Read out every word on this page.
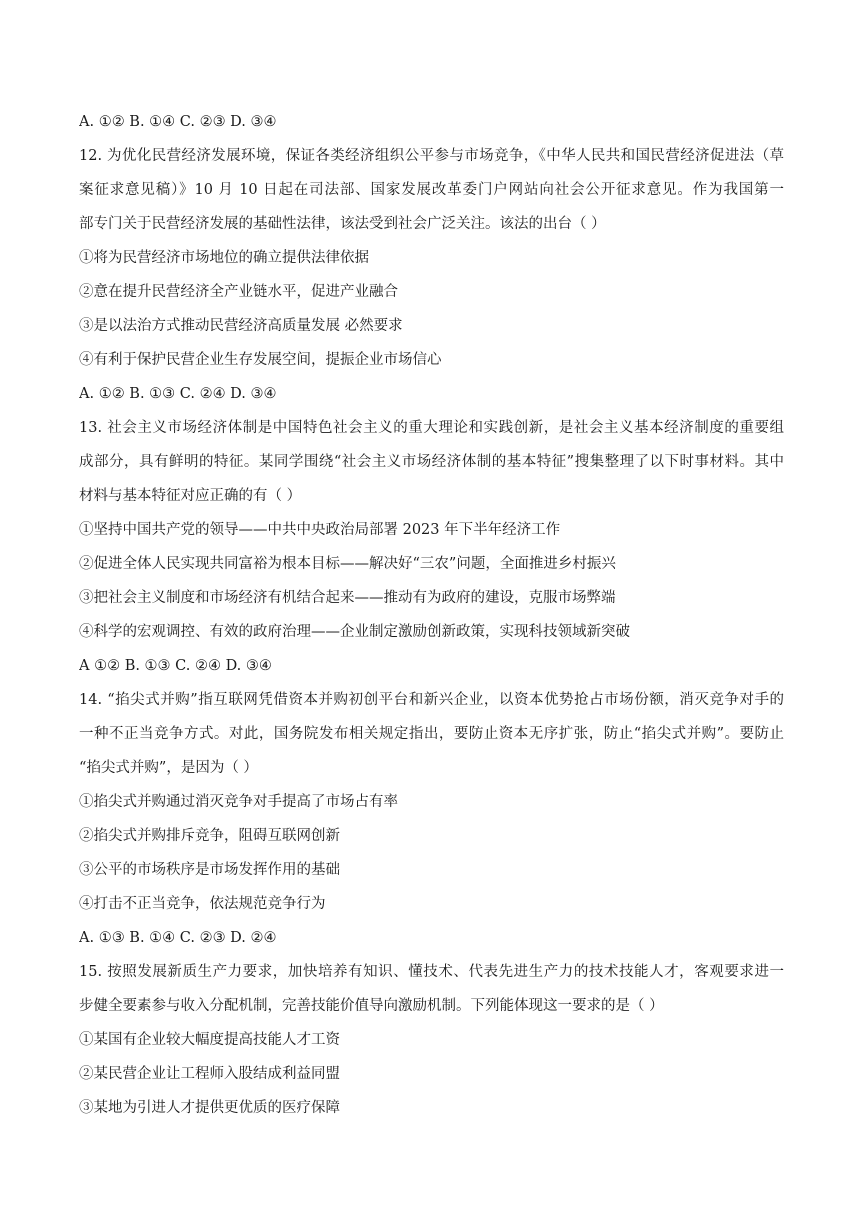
A. ①② B. ①④ C. ②③ D. ③④
12. 为优化民营经济发展环境，保证各类经济组织公平参与市场竞争，《中华人民共和国民营经济促进法（草
案征求意见稿）》10 月 10 日起在司法部、国家发展改革委门户网站向社会公开征求意见。作为我国第一
部专门关于民营经济发展的基础性法律，该法受到社会广泛关注。该法的出台（ ）
①将为民营经济市场地位的确立提供法律依据
②意在提升民营经济全产业链水平，促进产业融合
③是以法治方式推动民营经济高质量发展 必然要求
④有利于保护民营企业生存发展空间，提振企业市场信心
A. ①② B. ①③ C. ②④ D. ③④
13. 社会主义市场经济体制是中国特色社会主义的重大理论和实践创新，是社会主义基本经济制度的重要组
成部分，具有鲜明的特征。某同学围绕“社会主义市场经济体制的基本特征”搜集整理了以下时事材料。其中
材料与基本特征对应正确的有（ ）
①坚持中国共产党的领导——中共中央政治局部署 2023 年下半年经济工作
②促进全体人民实现共同富裕为根本目标——解决好“三农”问题，全面推进乡村振兴
③把社会主义制度和市场经济有机结合起来——推动有为政府的建设，克服市场弊端
④科学的宏观调控、有效的政府治理——企业制定激励创新政策，实现科技领域新突破
A ①② B. ①③ C. ②④ D. ③④
14. “掐尖式并购”指互联网凭借资本并购初创平台和新兴企业，以资本优势抢占市场份额，消灭竞争对手的
一种不正当竞争方式。对此，国务院发布相关规定指出，要防止资本无序扩张，防止“掐尖式并购”。要防止
“掐尖式并购”，是因为（ ）
①掐尖式并购通过消灭竞争对手提高了市场占有率
②掐尖式并购排斥竞争，阻碍互联网创新
③公平的市场秩序是市场发挥作用的基础
④打击不正当竞争，依法规范竞争行为
A. ①③ B. ①④ C. ②③ D. ②④
15. 按照发展新质生产力要求，加快培养有知识、懂技术、代表先进生产力的技术技能人才，客观要求进一
步健全要素参与收入分配机制，完善技能价值导向激励机制。下列能体现这一要求的是（ ）
①某国有企业较大幅度提高技能人才工资
②某民营企业让工程师入股结成利益同盟
③某地为引进人才提供更优质的医疗保障
